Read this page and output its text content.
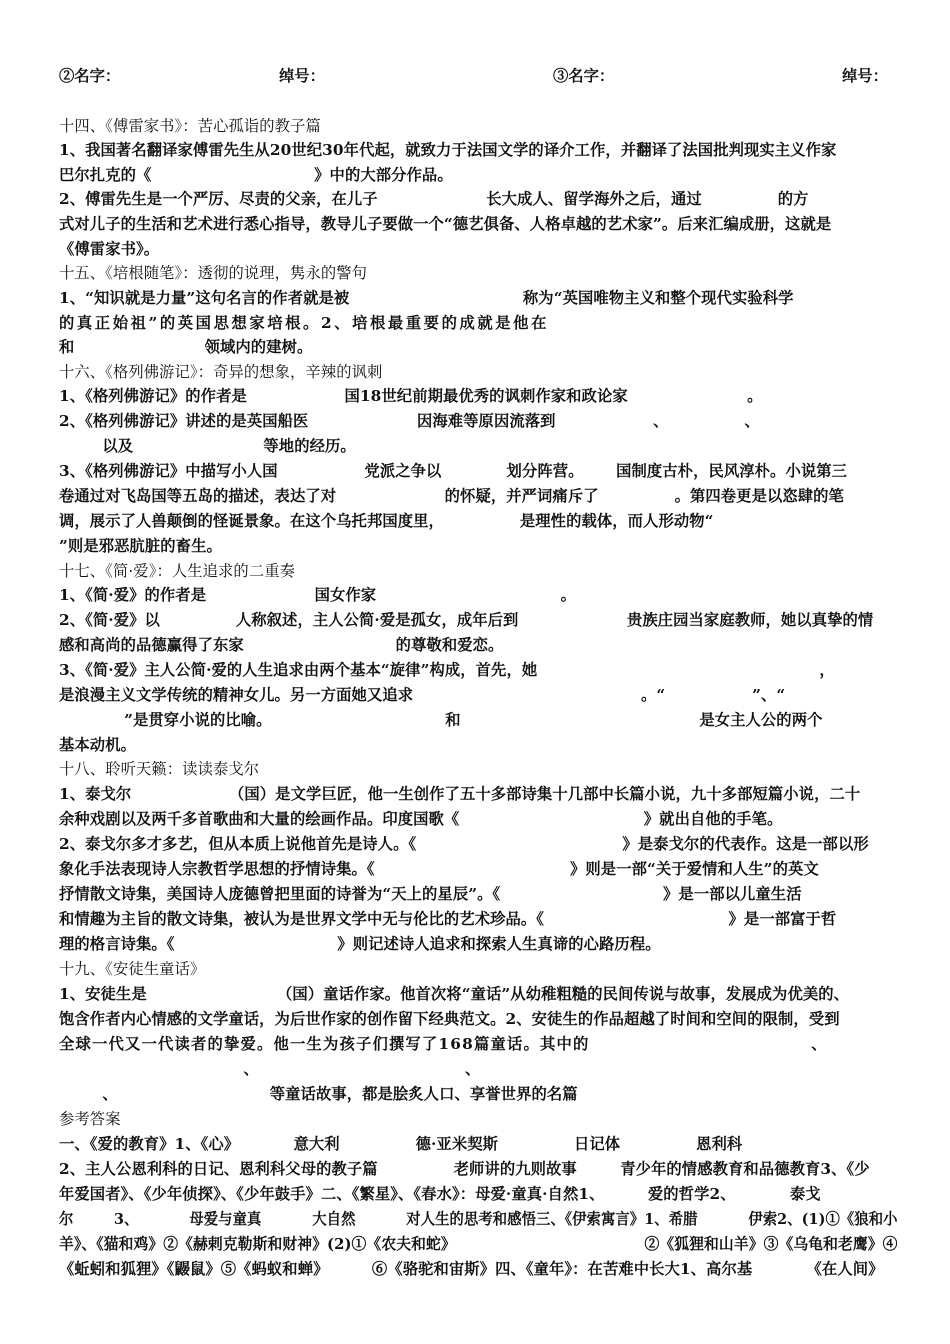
②名字：	绰号：	③名字：	绰号：
十四、《傅雷家书》：苦心孤诣的教子篇
1、我国著名翻译家傅雷先生从20世纪30年代起，就致力于法国文学的译介工作，并翻译了法国批判现实主义作家
巴尔扎克的《                              》中的大部分作品。
2、傅雷先生是一个严厉、尽责的父亲，在儿子                    长大成人、留学海外之后，通过              的方
式对儿子的生活和艺术进行悉心指导，教导儿子要做一个“德艺俱备、人格卓越的艺术家”。后来汇编成册，这就是
《傅雷家书》。
十五、《培根随笔》：透彻的说理，隽永的警句
1、“知识就是力量”这句名言的作者就是被                                称为“英国唯物主义和整个现代实验科学
的真正始祖”的英国思想家培根。2、培根最重要的成就是他在
和                        领域内的建树。
十六、《格列佛游记》：奇异的想象，辛辣的讽刺
1、《格列佛游记》的作者是                  国18世纪前期最优秀的讽刺作家和政论家                      。
2、《格列佛游记》讲述的是英国船医                    因海难等原因流落到                  、              、
以及                        等地的经历。
3、《格列佛游记》中描写小人国                党派之争以            划分阵营。      国制度古朴，民风淳朴。小说第三
卷通过对飞岛国等五岛的描述，表达了对                    的怀疑，并严词痛斥了              。第四卷更是以恣肆的笔
调，展示了人兽颠倒的怪诞景象。在这个乌托邦国度里，              是理性的载体，而人形动物“
”则是邪恶肮脏的畜生。
十七、《简·爱》：人生追求的二重奏
1、《简·爱》的作者是                    国女作家                                  。
2、《简·爱》以              人称叙述，主人公简·爱是孤女，成年后到                    贵族庄园当家庭教师，她以真挚的情
感和高尚的品德赢得了东家                            的尊敬和爱恋。
3、《简·爱》主人公简·爱的人生追求由两个基本“旋律”构成，首先，她                                                    ，
是浪漫主义文学传统的精神女儿。另一方面她又追求                                          。“                ”、“
”是贯穿小说的比喻。                                和                                            是女主人公的两个
基本动机。
十八、聆听天籁：读读泰戈尔
1、泰戈尔                  （国）是文学巨匠，他一生创作了五十多部诗集十几部中长篇小说，九十多部短篇小说，二十
余种戏剧以及两千多首歌曲和大量的绘画作品。印度国歌《                                  》就出自他的手笔。
2、泰戈尔多才多艺，但从本质上说他首先是诗人。《                                      》是泰戈尔的代表作。这是一部以形
象化手法表现诗人宗教哲学思想的抒情诗集。《                                    》则是一部“关于爱情和人生”的英文
抒情散文诗集，美国诗人庞德曾把里面的诗誉为“天上的星辰”。《                              》是一部以儿童生活
和情趣为主旨的散文诗集，被认为是世界文学中无与伦比的艺术珍品。《                                  》是一部富于哲
理的格言诗集。《                              》则记述诗人追求和探索人生真谛的心路历程。
十九、《安徒生童话》
1、安徒生是                        （国）童话作家。他首次将“童话”从幼稚粗糙的民间传说与故事，发展成为优美的、
饱含作者内心情感的文学童话，为后世作家的创作留下经典范文。2、安徒生的作品超越了时间和空间的限制，受到
全球一代又一代读者的挚爱。他一生为孩子们撰写了168篇童话。其中的                                  、
、                                      、
、                            等童话故事，都是脍炙人口、享誉世界的名篇
参考答案
一、《爱的教育》1、《心》          意大利              德·亚米契斯              日记体              恩利科
2、主人公恩利科的日记、恩利科父母的教子篇              老师讲的九则故事        青少年的情感教育和品德教育3、《少
年爱国者》、《少年侦探》、《少年鼓手》二、《繁星》、《春水》：母爱·童真·自然1、        爱的哲学2、          泰戈
尔        3、          母爱与童真          大自然          对人生的思考和感悟三、《伊索寓言》1、希腊          伊索2、(1)①《狼和小
羊》、《猫和鸡》②《赫剌克勒斯和财神》(2)①《农夫和蛇》                                    ②《狐狸和山羊》③《乌龟和老鹰》④
《蚯蚓和狐狸》《鼹鼠》⑤《蚂蚁和蝉》        ⑥《骆驼和宙斯》四、《童年》：在苦难中长大1、高尔基          《在人间》
